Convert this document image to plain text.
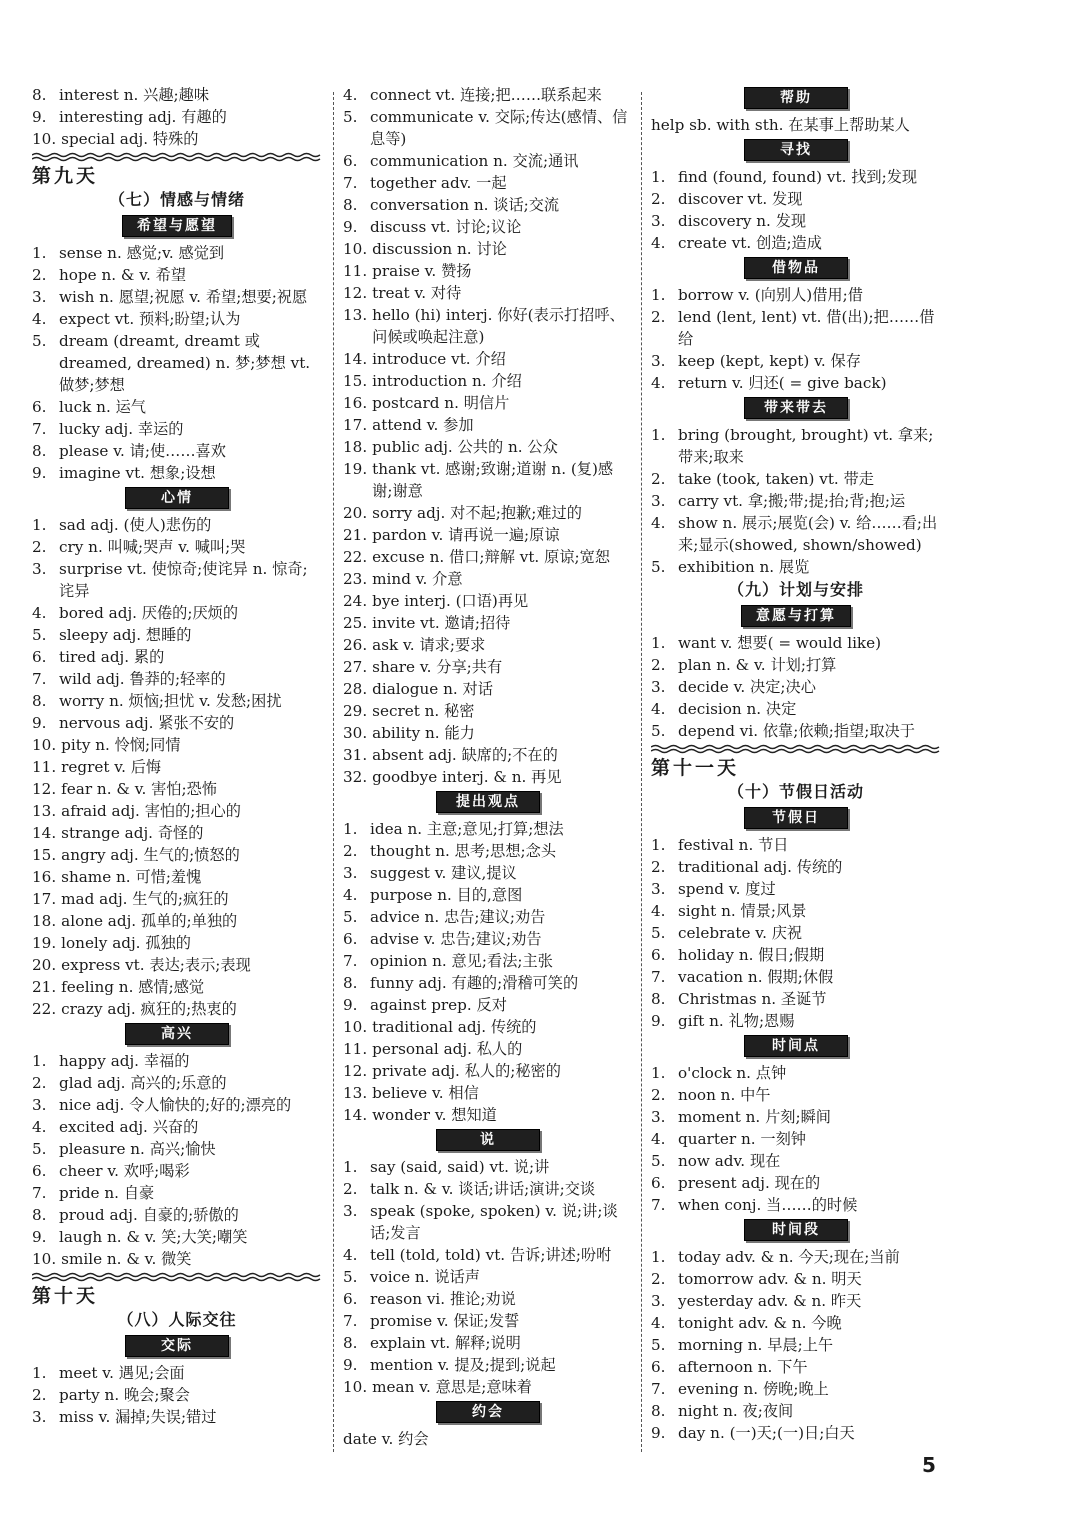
8. interest n. 兴趣;趣味
9. interesting adj. 有趣的
10. special adj. 特殊的
第九天
（七）情感与情绪
希望与愿望
1. sense n. 感觉;v. 感觉到
2. hope n. & v. 希望
3. wish n. 愿望;祝愿 v. 希望;想要;祝愿
4. expect vt. 预料;盼望;认为
5. dream (dreamt, dreamt 或 dreamed, dreamed) n. 梦;梦想 vt. 做梦;梦想
6. luck n. 运气
7. lucky adj. 幸运的
8. please v. 请;使……喜欢
9. imagine vt. 想象;设想
心情
1. sad adj. (使人)悲伤的
2. cry n. 叫喊;哭声 v. 喊叫;哭
3. surprise vt. 使惊奇;使诧异 n. 惊奇;诧异
4. bored adj. 厌倦的;厌烦的
5. sleepy adj. 想睡的
6. tired adj. 累的
7. wild adj. 鲁莽的;轻率的
8. worry n. 烦恼;担忧 v. 发愁;困扰
9. nervous adj. 紧张不安的
10. pity n. 怜悯;同情
11. regret v. 后悔
12. fear n. & v. 害怕;恐怖
13. afraid adj. 害怕的;担心的
14. strange adj. 奇怪的
15. angry adj. 生气的;愤怒的
16. shame n. 可惜;羞愧
17. mad adj. 生气的;疯狂的
18. alone adj. 孤单的;单独的
19. lonely adj. 孤独的
20. express vt. 表达;表示;表现
21. feeling n. 感情;感觉
22. crazy adj. 疯狂的;热衷的
高兴
1. happy adj. 幸福的
2. glad adj. 高兴的;乐意的
3. nice adj. 令人愉快的;好的;漂亮的
4. excited adj. 兴奋的
5. pleasure n. 高兴;愉快
6. cheer v. 欢呼;喝彩
7. pride n. 自豪
8. proud adj. 自豪的;骄傲的
9. laugh n. & v. 笑;大笑;嘲笑
10. smile n. & v. 微笑
第十天
（八）人际交往
交际
1. meet v. 遇见;会面
2. party n. 晚会;聚会
3. miss v. 漏掉;失误;错过
4. connect vt. 连接;把……联系起来
5. communicate v. 交际;传达(感情、信息等)
6. communication n. 交流;通讯
7. together adv. 一起
8. conversation n. 谈话;交流
9. discuss vt. 讨论;议论
10. discussion n. 讨论
11. praise v. 赞扬
12. treat v. 对待
13. hello (hi) interj. 你好(表示打招呼、问候或唤起注意)
14. introduce vt. 介绍
15. introduction n. 介绍
16. postcard n. 明信片
17. attend v. 参加
18. public adj. 公共的 n. 公众
19. thank vt. 感谢;致谢;道谢 n. (复)感谢;谢意
20. sorry adj. 对不起;抱歉;难过的
21. pardon v. 请再说一遍;原谅
22. excuse n. 借口;辩解 vt. 原谅;宽恕
23. mind v. 介意
24. bye interj. (口语)再见
25. invite vt. 邀请;招待
26. ask v. 请求;要求
27. share v. 分享;共有
28. dialogue n. 对话
29. secret n. 秘密
30. ability n. 能力
31. absent adj. 缺席的;不在的
32. goodbye interj. & n. 再见
提出观点
1. idea n. 主意;意见;打算;想法
2. thought n. 思考;思想;念头
3. suggest v. 建议,提议
4. purpose n. 目的,意图
5. advice n. 忠告;建议;劝告
6. advise v. 忠告;建议;劝告
7. opinion n. 意见;看法;主张
8. funny adj. 有趣的;滑稽可笑的
9. against prep. 反对
10. traditional adj. 传统的
11. personal adj. 私人的
12. private adj. 私人的;秘密的
13. believe v. 相信
14. wonder v. 想知道
说
1. say (said, said) vt. 说;讲
2. talk n. & v. 谈话;讲话;演讲;交谈
3. speak (spoke, spoken) v. 说;讲;谈话;发言
4. tell (told, told) vt. 告诉;讲述;吩咐
5. voice n. 说话声
6. reason vi. 推论;劝说
7. promise v. 保证;发誓
8. explain vt. 解释;说明
9. mention v. 提及;提到;说起
10. mean v. 意思是;意味着
约会
date v. 约会
帮助
help sb. with sth. 在某事上帮助某人
寻找
1. find (found, found) vt. 找到;发现
2. discover vt. 发现
3. discovery n. 发现
4. create vt. 创造;造成
借物品
1. borrow v. (向别人)借用;借
2. lend (lent, lent) vt. 借(出);把……借给
3. keep (kept, kept) v. 保存
4. return v. 归还( = give back)
带来带去
1. bring (brought, brought) vt. 拿来;带来;取来
2. take (took, taken) vt. 带走
3. carry vt. 拿;搬;带;提;抬;背;抱;运
4. show n. 展示;展览(会) v. 给……看;出来;显示(showed, shown/showed)
5. exhibition n. 展览
（九）计划与安排
意愿与打算
1. want v. 想要( = would like)
2. plan n. & v. 计划;打算
3. decide v. 决定;决心
4. decision n. 决定
5. depend vi. 依靠;依赖;指望;取决于
第十一天
（十）节假日活动
节假日
1. festival n. 节日
2. traditional adj. 传统的
3. spend v. 度过
4. sight n. 情景;风景
5. celebrate v. 庆祝
6. holiday n. 假日;假期
7. vacation n. 假期;休假
8. Christmas n. 圣诞节
9. gift n. 礼物;恩赐
时间点
1. o'clock n. 点钟
2. noon n. 中午
3. moment n. 片刻;瞬间
4. quarter n. 一刻钟
5. now adv. 现在
6. present adj. 现在的
7. when conj. 当……的时候
时间段
1. today adv. & n. 今天;现在;当前
2. tomorrow adv. & n. 明天
3. yesterday adv. & n. 昨天
4. tonight adv. & n. 今晚
5. morning n. 早晨;上午
6. afternoon n. 下午
7. evening n. 傍晚;晚上
8. night n. 夜;夜间
9. day n. (一)天;(一)日;白天
5
